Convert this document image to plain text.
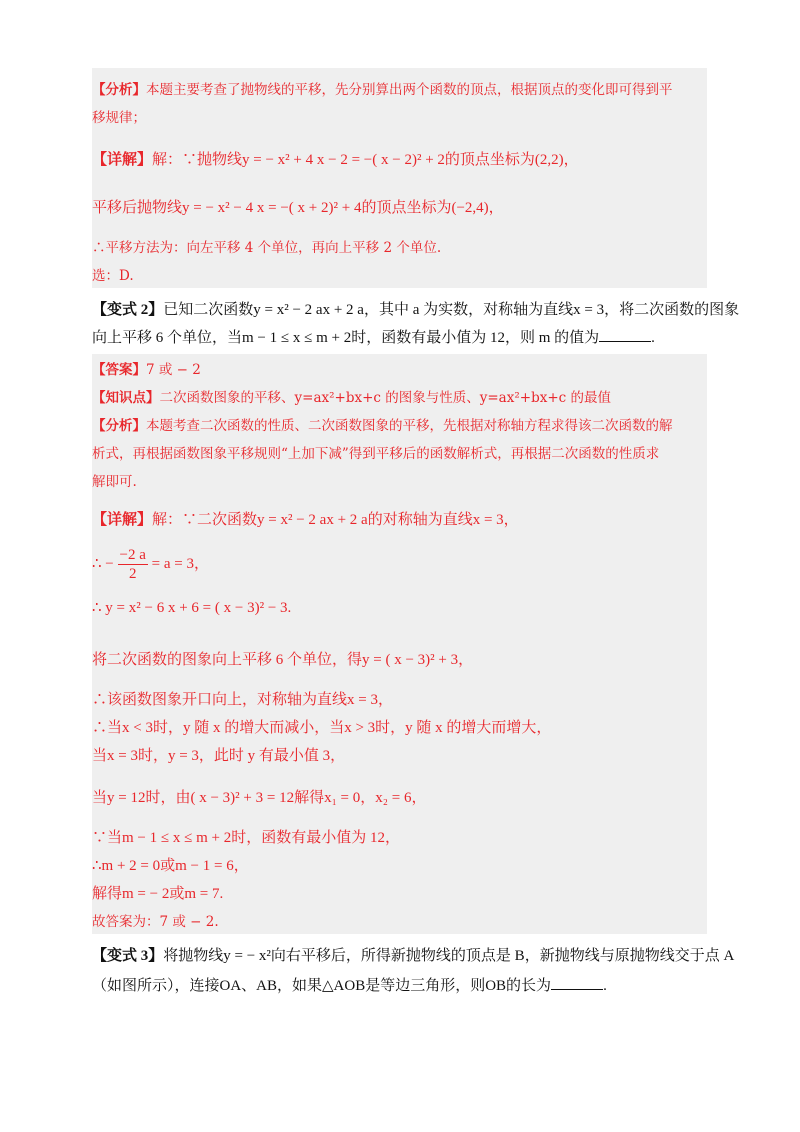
【分析】本题主要考查了抛物线的平移，先分别算出两个函数的顶点，根据顶点的变化即可得到平
移规律；
【详解】解：∵抛物线y = − x² + 4 x − 2 = −( x − 2)² + 2的顶点坐标为(2,2)，
平移后抛物线y = − x² − 4 x = −( x + 2)² + 4的顶点坐标为(−2,4)，
∴平移方法为：向左平移 4 个单位，再向上平移 2 个单位.
选：D.
【变式 2】已知二次函数y = x² − 2 ax + 2 a，其中 a 为实数，对称轴为直线x = 3，将二次函数的图象
向上平移 6 个单位，当m − 1 ≤ x ≤ m + 2时，函数有最小值为 12，则 m 的值为	.
【答案】7 或 − 2
【知识点】二次函数图象的平移、y=ax²+bx+c 的图象与性质、y=ax²+bx+c 的最值
【分析】本题考查二次函数的性质、二次函数图象的平移，先根据对称轴方程求得该二次函数的解
析式，再根据函数图象平移规则“上加下减”得到平移后的函数解析式，再根据二次函数的性质求
解即可.
【详解】解：∵二次函数y = x² − 2 ax + 2 a的对称轴为直线x = 3，
∴ − $\frac{-2 a}{2} = a = 3$，
∴ y = x² − 6 x + 6 = ( x − 3)² − 3.
将二次函数的图象向上平移 6 个单位，得y = ( x − 3)² + 3，
∴该函数图象开口向上，对称轴为直线x = 3，
∴当x < 3时，y 随 x 的增大而减小，当x > 3时，y 随 x 的增大而增大，
当x = 3时，y = 3，此时 y 有最小值 3，
当y = 12时，由( x − 3)² + 3 = 12解得x₁ = 0，x₂ = 6，
∵当m − 1 ≤ x ≤ m + 2时，函数有最小值为 12，
∴m + 2 = 0或m − 1 = 6，
解得m = − 2或m = 7.
故答案为：7 或 − 2.
【变式 3】将抛物线y = − x²向右平移后，所得新抛物线的顶点是 B，新抛物线与原抛物线交于点 A
（如图所示），连接OA、AB，如果△AOB是等边三角形，则OB的长为	.
